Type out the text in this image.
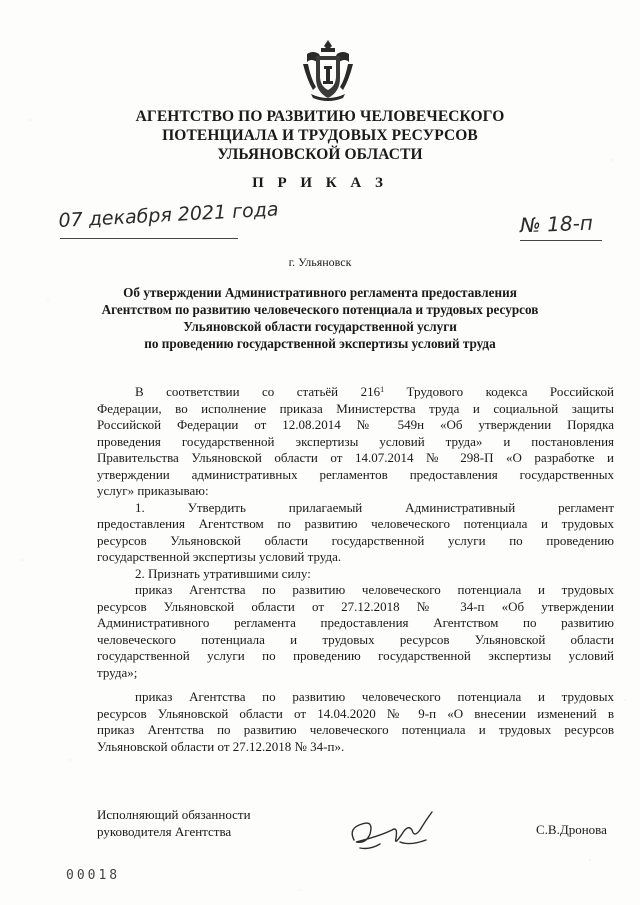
АГЕНТСТВО ПО РАЗВИТИЮ ЧЕЛОВЕЧЕСКОГО
ПОТЕНЦИАЛА И ТРУДОВЫХ РЕСУРСОВ
УЛЬЯНОВСКОЙ ОБЛАСТИ
П Р И К А З
07 декабря 2021 года	№ 18-п
г. Ульяновск
Об утверждении Административного регламента предоставления
Агентством по развитию человеческого потенциала и трудовых ресурсов
Ульяновской области государственной услуги
по проведению государственной экспертизы условий труда
В соответствии со статьёй $216^1$ Трудового кодекса Российской
Федерации, во исполнение приказа Министерства труда и социальной защиты
Российской Федерации от 12.08.2014 № 549н «Об утверждении Порядка
проведения государственной экспертизы условий труда» и постановления
Правительства Ульяновской области от 14.07.2014 № 298-П «О разработке и
утверждении административных регламентов предоставления государственных
услуг» приказываю:
1. Утвердить прилагаемый Административный регламент
предоставления Агентством по развитию человеческого потенциала и трудовых
ресурсов Ульяновской области государственной услуги по проведению
государственной экспертизы условий труда.
2. Признать утратившими силу:
приказ Агентства по развитию человеческого потенциала и трудовых
ресурсов Ульяновской области от 27.12.2018 № 34-п «Об утверждении
Административного регламента предоставления Агентством по развитию
человеческого потенциала и трудовых ресурсов Ульяновской области
государственной услуги по проведению государственной экспертизы условий
труда»;
приказ Агентства по развитию человеческого потенциала и трудовых
ресурсов Ульяновской области от 14.04.2020 № 9-п «О внесении изменений в
приказ Агентства по развитию человеческого потенциала и трудовых ресурсов
Ульяновской области от 27.12.2018 № 34-п».
Исполняющий обязанности
руководителя Агентства	С.В.Дронова
00018
